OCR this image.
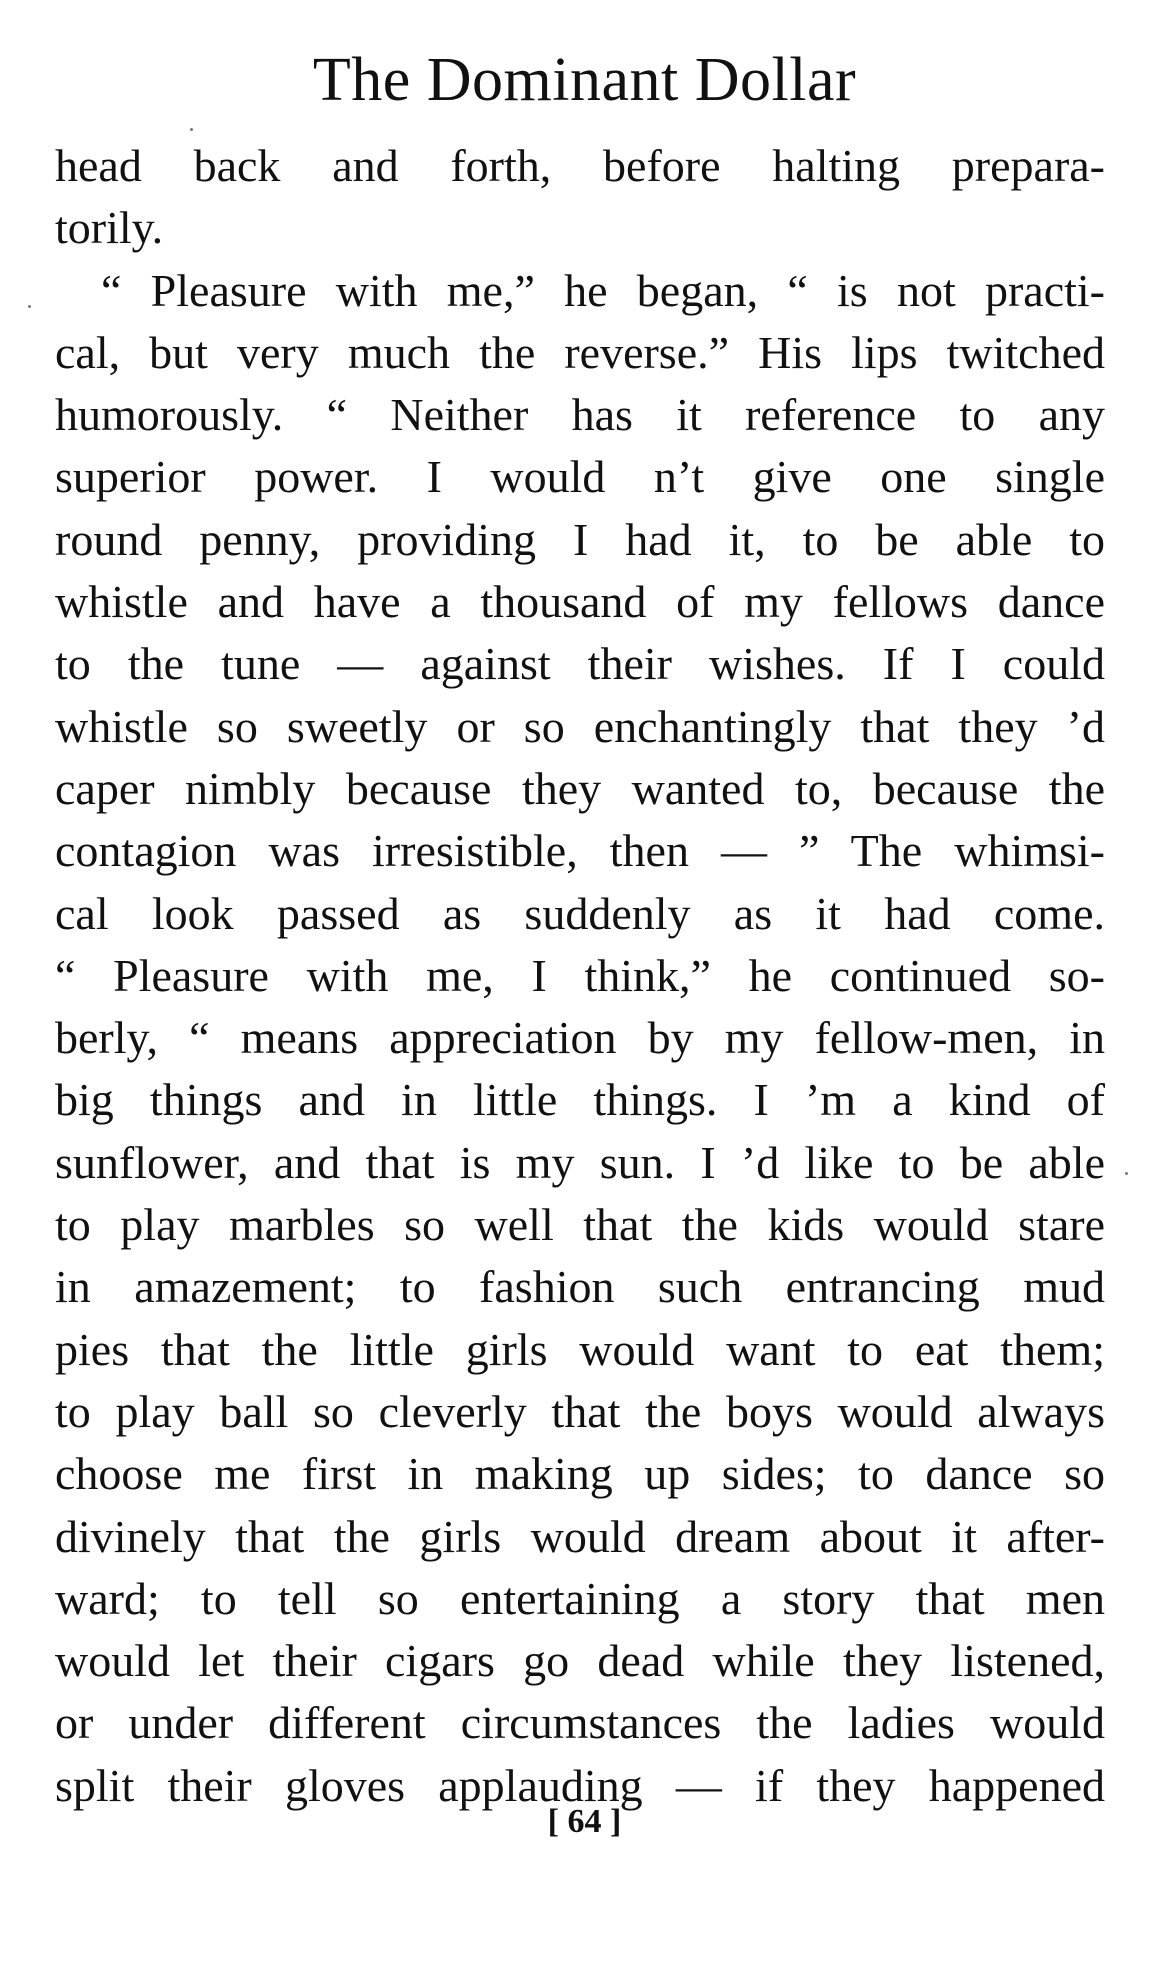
The Dominant Dollar
head back and forth, before halting prepara-
torily.
“ Pleasure with me,” he began, “ is not practi-
cal, but very much the reverse.” His lips twitched
humorously. “ Neither has it reference to any
superior power. I would n’t give one single
round penny, providing I had it, to be able to
whistle and have a thousand of my fellows dance
to the tune — against their wishes. If I could
whistle so sweetly or so enchantingly that they ’d
caper nimbly because they wanted to, because the
contagion was irresistible, then — ” The whimsi-
cal look passed as suddenly as it had come.
“ Pleasure with me, I think,” he continued so-
berly, “ means appreciation by my fellow-men, in
big things and in little things. I ’m a kind of
sunflower, and that is my sun. I ’d like to be able
to play marbles so well that the kids would stare
in amazement; to fashion such entrancing mud
pies that the little girls would want to eat them;
to play ball so cleverly that the boys would always
choose me first in making up sides; to dance so
divinely that the girls would dream about it after-
ward; to tell so entertaining a story that men
would let their cigars go dead while they listened,
or under different circumstances the ladies would
split their gloves applauding — if they happened
[ 64 ]
